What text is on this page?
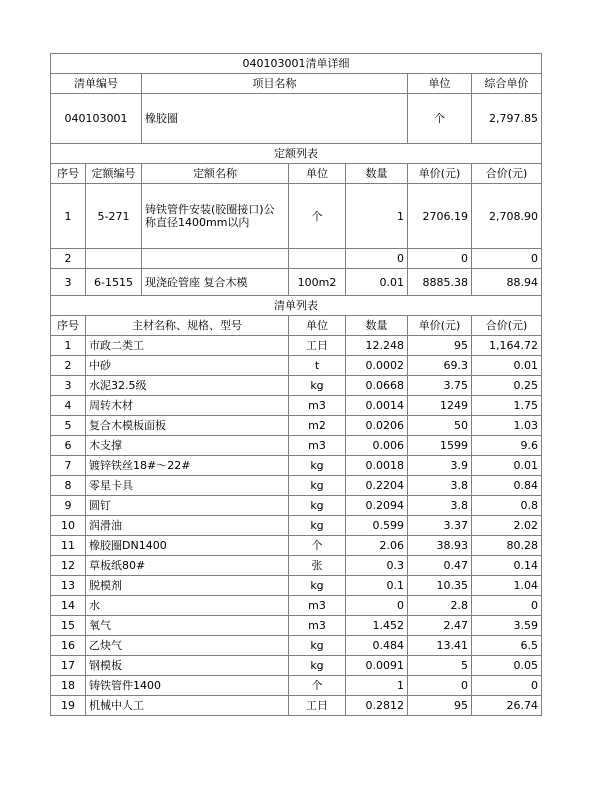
040103001清单详细						
清单编号		项目名称			单位	综合单价
040103001		橡胶圈			个	2,797.85
定额列表						
序号	定额编号	定额名称	单位	数量	单价(元)	合价(元)
1	5-271	铸铁管件安装(胶圈接口)公称直径1400mm以内	个	1	2706.19	2,708.90
2				0	0	0
3	6-1515	现浇砼管座 复合木模	100m2	0.01	8885.38	88.94
清单列表						
序号	主材名称、规格、型号		单位	数量	单价(元)	合价(元)
1	市政二类工		工日	12.248	95	1,164.72
2	中砂		t	0.0002	69.3	0.01
3	水泥32.5级		kg	0.0668	3.75	0.25
4	周转木材		m3	0.0014	1249	1.75
5	复合木模板面板		m2	0.0206	50	1.03
6	木支撑		m3	0.006	1599	9.6
7	镀锌铁丝18#～22#		kg	0.0018	3.9	0.01
8	零星卡具		kg	0.2204	3.8	0.84
9	圆钉		kg	0.2094	3.8	0.8
10	润滑油		kg	0.599	3.37	2.02
11	橡胶圈DN1400		个	2.06	38.93	80.28
12	草板纸80#		张	0.3	0.47	0.14
13	脱模剂		kg	0.1	10.35	1.04
14	水		m3	0	2.8	0
15	氧气		m3	1.452	2.47	3.59
16	乙炔气		kg	0.484	13.41	6.5
17	钢模板		kg	0.0091	5	0.05
18	铸铁管件1400		个	1	0	0
19	机械中人工		工日	0.2812	95	26.74
